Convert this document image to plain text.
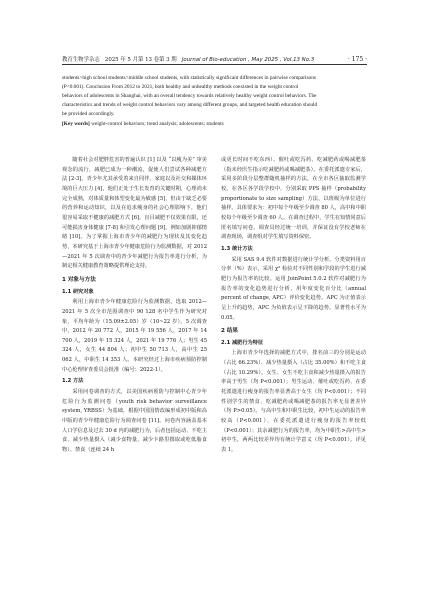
教育生物学杂志 2025 年 5 月第 13 卷第 3 期 Journal of Bio-education , May 2025 , Vol.13 No.3	· 175 ·

students>high school students>middle school students, with statistically significant differences in pairwise comparisons

(P<0.001). Conclusion From 2012 to 2021, both healthy and unhealthy methods coexisted in the weight control

behaviors of adolescents in Shanghai, with an overall tendency towards relatively healthy weight control behaviors. The

characteristics and trends of weight control behaviors vary among different groups, and targeted health education should

be provided accordingly.

[Key words] weight-control behaviors; trend analysis; adolescents; students

随着社会对肥胖危害的普遍认识 [1] 以及 “以瘦为美” 审美观念的流行，减肥已成为一种潮流，促使人们尝试各种减肥方法 [2-3]。青少年尤其承受着来自同伴、家庭以及社交和媒体环境的巨大压力 [4]，他们正处于生长发育的关键时期，心理尚未完全成熟，对体质量和体型变化最为敏感 [5]，但由于缺乏必要的营养和运动知识，以及在追求瘦身的社会心理影响下，他们很容易采取不健康的减肥方式 [6]。盲目减肥不仅效果有限，还可能损害身体健康 [7-8] 和引发心理问题 [9]，例如加剧抑郁情绪 [10]。为了掌握上海市青少年的减肥行为现状及其变化趋势，本研究基于上海市青少年健康危险行为监测数据，对 2012—2021 年 5 次调查中的青少年减肥行为报告率进行分析，为制定相关健康教育策略提供理论支持。

1 对象与方法

1.1 研究对象

利用上海市青少年健康危险行为监测数据，选取 2012—2021 年 5 次全市范围调查中 90 128 名中学生作为研究对象，平均年龄为（15.09±2.05）岁（10~22 岁）。5 次调查中，2012 年 20 772 人，2015 年 19 556 人，2017 年 14 700 人，2019 年 15 324 人，2021 年 19 776 人；男生 45 324 人，女生 44 804 人；初中生 50 713 人，高中生 25 062 人，中职生 14 353 人。本研究经过上海市疾病预防控制中心伦理审查委员会批准（编号：2022-1）。

1.2 方法

采用问卷调查的方式，以美国疾病预防与控制中心青少年危险行为监测问卷（youth risk behavior surveillance system, YRBSS）为基础，根据中国国情改编形成初中版和高中版的青少年健康危险行为调查问卷 [11]。问卷内容涵盖基本人口学信息及过去 30 d 内的减肥行为，后者包括运动、不吃主食、减少热量摄入（减少食物量、减少卡路里摄取或吃低脂食物）、禁食（连续 24 h

或更长时间不吃东西）、催吐或吃泻药、吃减肥药或喝减肥茶（指未经医生指示吃减肥药或喝减肥茶）。在委托派遣专家后，采用多阶段分层整群随机抽样的方法，在全市各区抽取监测学校。在各区各学段学校中，分别采取 PPS 抽样（probability proportionate to size sampling）方法，以班级为单位进行抽样。具体要求为：初中每个年级至少调查 80 人，高中和中职校每个年级至少调查 60 人。在调查过程中，学生在知情同意后匿名填写问卷。调查员经过统一培训，并保证没有学校老师在调查现场，调查组对学生填写资料保密。

1.3 统计方法

采用 SAS 9.4 软件对数据进行统计学分析。分类资料用百分率（%）表示，采用 χ² 检验对不同性别和学段的学生进行减肥行为报告率的比较。运用 JoinPoint 5.0.2 软件对减肥行为报告率的变化趋势进行分析，用年度变化百分比（annual percent of change, APC）评价变化趋势。APC 为正值表示呈上升的趋势，APC 为负值表示呈下降的趋势。显著性水平为 0.05。

2 结果

2.1 减肥行为特征

上海市青少年选择的减肥方式中，排名前三的分别是运动（占比 66.23%）、减少热量摄入（占比 35.00%）和不吃主食（占比 10.29%）。女生、女生不吃主食和减少热量摄入的报告率高于男生（均 P<0.001）；男生运动、催吐或吃泻药、在委托派遣进行瘦身的报告率显著高于女生（均 P<0.001）；不同性别学生的禁食、吃减肥药或喝减肥茶的报告率无显著差异（均 P>0.05）。与高中生和中职生比较，初中生运动的报告率较高（P<0.001），在委托派遣进行瘦身的报告率较低（P<0.001）；其余减肥行为的报告率，均为中职生>高中生>初中生，两两比较差异均有统计学意义（均 P<0.001）。详见表 1。
